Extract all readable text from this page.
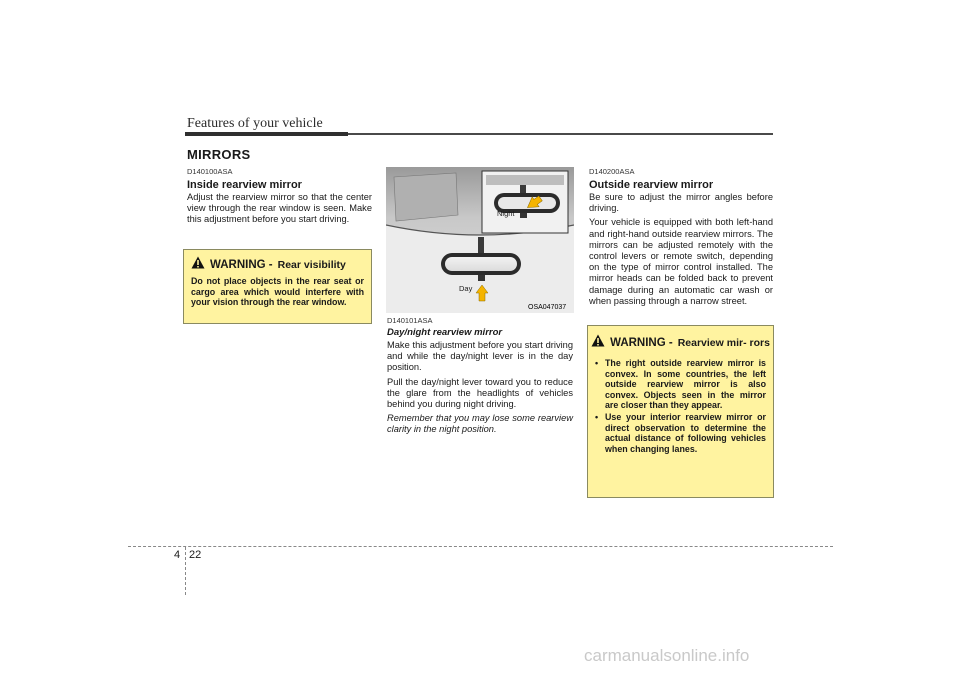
Features of your vehicle
MIRRORS
D140100ASA
Inside rearview mirror
Adjust the rearview mirror so that the center view through the rear window is seen. Make this adjustment before you start driving.
WARNING - Rear visibility
Do not place objects in the rear seat or cargo area which would interfere with your vision through the rear window.
Night
Day
OSA047037
D140101ASA
Day/night rearview mirror

Make this adjustment before you start driving and while the day/night lever is in the day position.

Pull the day/night lever toward you to reduce the glare from the headlights of vehicles behind you during night driving.

Remember that you may lose some rearview clarity in the night position.

D140200ASA
Outside rearview mirror

Be sure to adjust the mirror angles before driving.

Your vehicle is equipped with both left-hand and right-hand outside rearview mirrors. The mirrors can be adjusted remotely with the control levers or remote switch, depending on the type of mirror control installed. The mirror heads can be folded back to prevent damage during an automatic car wash or when passing through a narrow street.

WARNING - Rearview mir- rors
• The right outside rearview mirror is convex. In some countries, the left outside rearview mirror is also convex. Objects seen in the mirror are closer than they appear.
• Use your interior rearview mirror or direct observation to determine the actual distance of following vehicles when changing lanes.
4 22
carmanualsonline.info
